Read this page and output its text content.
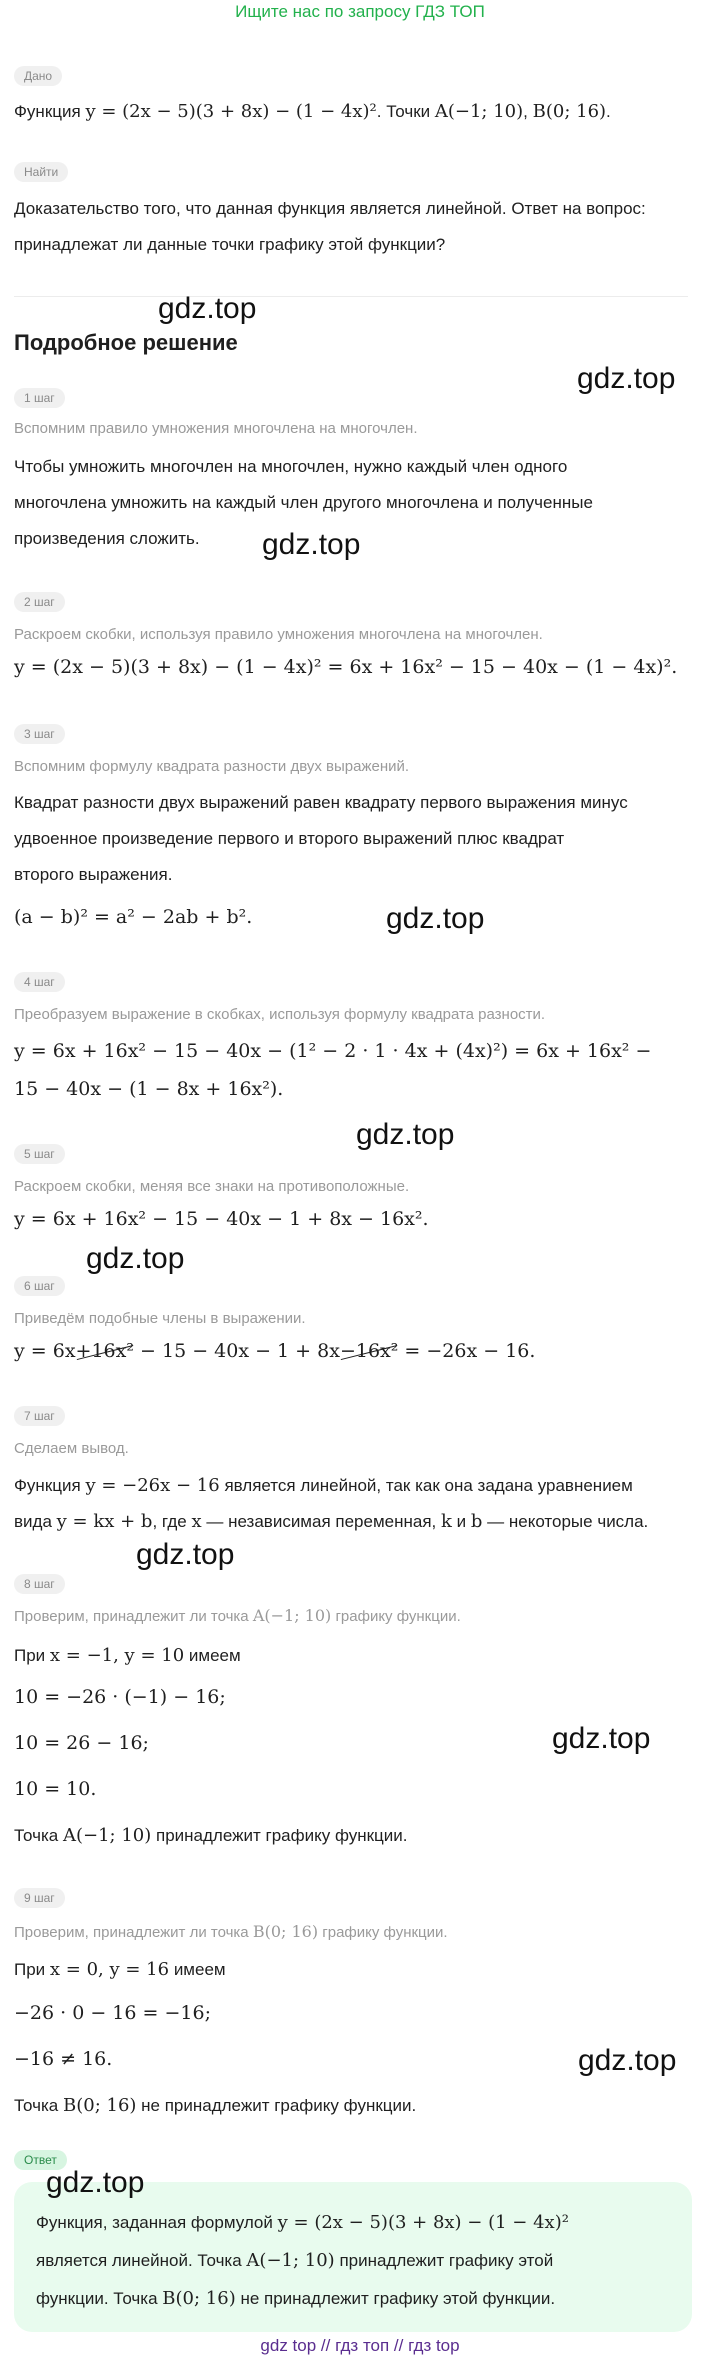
Ищите нас по запросу ГДЗ ТОП
Дано
Функция y = (2x − 5)(3 + 8x) − (1 − 4x)². Точки A(−1; 10), B(0; 16).
Найти
Доказательство того, что данная функция является линейной. Ответ на вопрос:
принадлежат ли данные точки графику этой функции?
gdz.top
Подробное решение
gdz.top
1 шаг
Вспомним правило умножения многочлена на многочлен.
Чтобы умножить многочлен на многочлен, нужно каждый член одного
многочлена умножить на каждый член другого многочлена и полученные
произведения сложить. gdz.top
2 шаг
Раскроем скобки, используя правило умножения многочлена на многочлен.
y = (2x − 5)(3 + 8x) − (1 − 4x)² = 6x + 16x² − 15 − 40x − (1 − 4x)².
3 шаг
Вспомним формулу квадрата разности двух выражений.
Квадрат разности двух выражений равен квадрату первого выражения минус
удвоенное произведение первого и второго выражений плюс квадрат
второго выражения.
(a − b)² = a² − 2ab + b².	gdz.top
4 шаг
Преобразуем выражение в скобках, используя формулу квадрата разности.
y = 6x + 16x² − 15 − 40x − (1² − 2 · 1 · 4x + (4x)²) = 6x + 16x² −
15 − 40x − (1 − 8x + 16x²).
gdz.top
5 шаг
Раскроем скобки, меняя все знаки на противоположные.
y = 6x + 16x² − 15 − 40x − 1 + 8x − 16x².
gdz.top
6 шаг
Приведём подобные члены в выражении.
y = 6x+16x² − 15 − 40x − 1 + 8x−16x² = −26x − 16.
7 шаг
Сделаем вывод.
Функция y = −26x − 16 является линейной, так как она задана уравнением
вида y = kx + b, где x — независимая переменная, k и b — некоторые числа.
gdz.top
8 шаг
Проверим, принадлежит ли точка A(−1; 10) графику функции.
При x = −1, y = 10 имеем
10 = −26 · (−1) − 16;
10 = 26 − 16;	gdz.top
10 = 10.
Точка A(−1; 10) принадлежит графику функции.
9 шаг
Проверим, принадлежит ли точка B(0; 16) графику функции.
При x = 0, y = 16 имеем
−26 · 0 − 16 = −16;
−16 ≠ 16.	gdz.top
Точка B(0; 16) не принадлежит графику функции.
Ответ
gdz.top
Функция, заданная формулой y = (2x − 5)(3 + 8x) − (1 − 4x)²
является линейной. Точка A(−1; 10) принадлежит графику этой
функции. Точка B(0; 16) не принадлежит графику этой функции.
gdz top // гдз топ // гдз top
